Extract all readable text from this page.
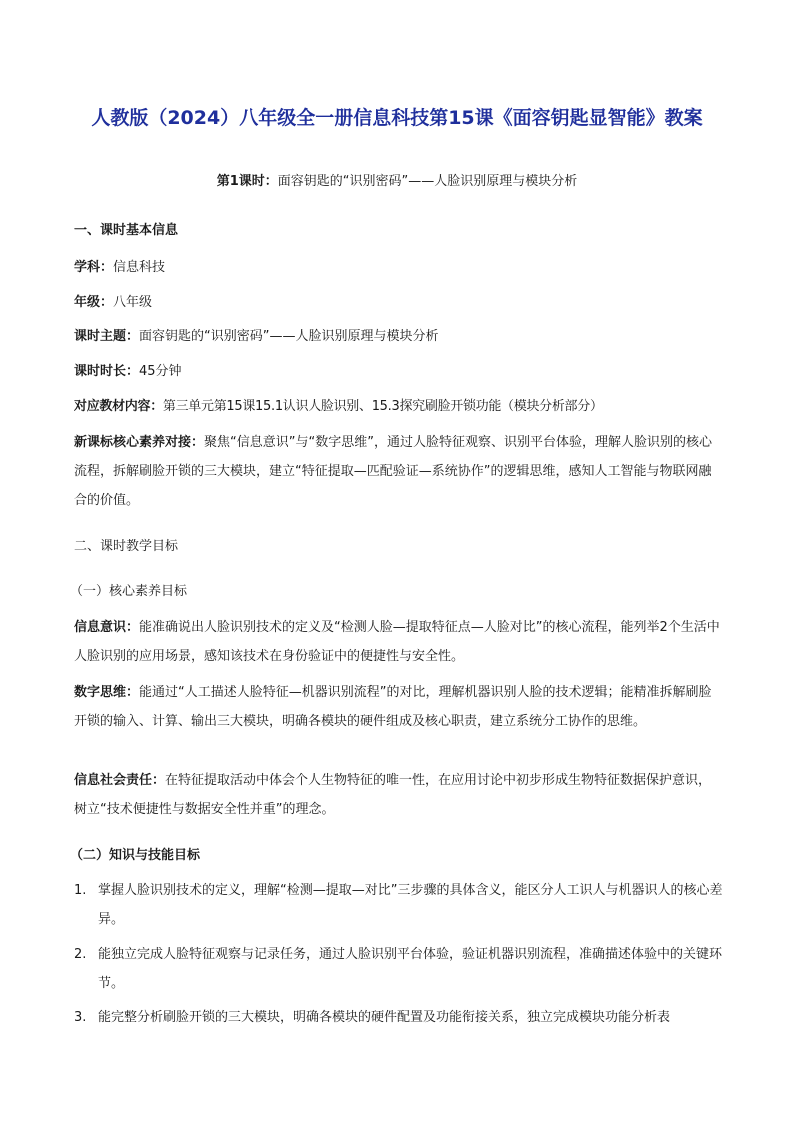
人教版（2024）八年级全一册信息科技第15课《面容钥匙显智能》教案
第1课时：面容钥匙的“识别密码”——人脸识别原理与模块分析
一、课时基本信息
学科：信息科技
年级：八年级
课时主题：面容钥匙的“识别密码”——人脸识别原理与模块分析
课时时长：45分钟
对应教材内容：第三单元第15课15.1认识人脸识别、15.3探究刷脸开锁功能（模块分析部分）
新课标核心素养对接：聚焦“信息意识”与“数字思维”，通过人脸特征观察、识别平台体验，理解人脸识别的核心流程，拆解刷脸开锁的三大模块，建立“特征提取—匹配验证—系统协作”的逻辑思维，感知人工智能与物联网融合的价值。
二、课时教学目标
（一）核心素养目标
信息意识：能准确说出人脸识别技术的定义及“检测人脸—提取特征点—人脸对比”的核心流程，能列举2个生活中人脸识别的应用场景，感知该技术在身份验证中的便捷性与安全性。
数字思维：能通过“人工描述人脸特征—机器识别流程”的对比，理解机器识别人脸的技术逻辑；能精准拆解刷脸开锁的输入、计算、输出三大模块，明确各模块的硬件组成及核心职责，建立系统分工协作的思维。
信息社会责任：在特征提取活动中体会个人生物特征的唯一性，在应用讨论中初步形成生物特征数据保护意识，树立“技术便捷性与数据安全性并重”的理念。
（二）知识与技能目标
1. 掌握人脸识别技术的定义，理解“检测—提取—对比”三步骤的具体含义，能区分人工识人与机器识人的核心差异。
2. 能独立完成人脸特征观察与记录任务，通过人脸识别平台体验，验证机器识别流程，准确描述体验中的关键环节。
3. 能完整分析刷脸开锁的三大模块，明确各模块的硬件配置及功能衔接关系，独立完成模块功能分析表
